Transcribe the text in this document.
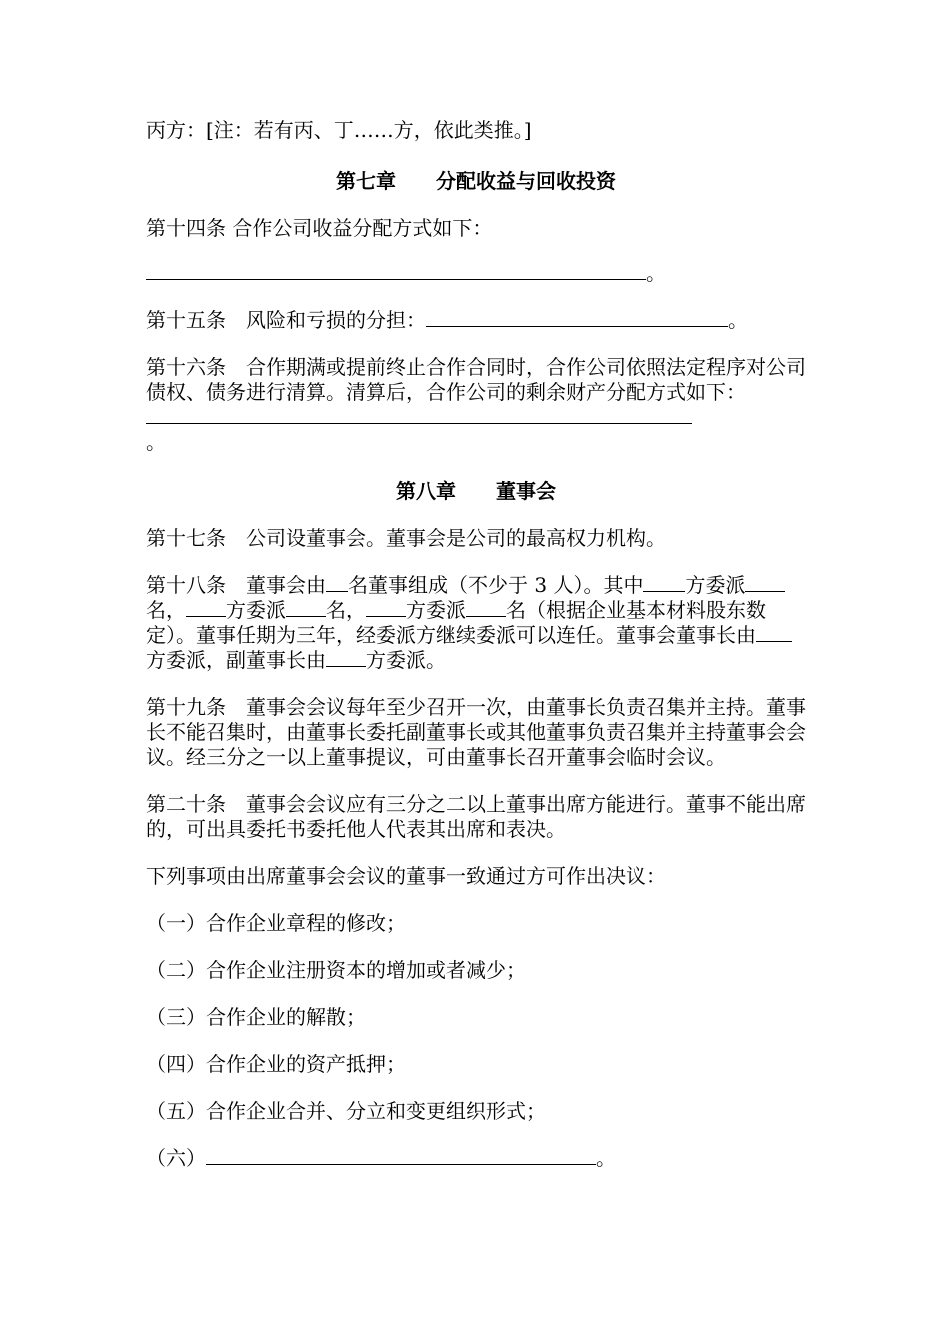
丙方：[注：若有丙、丁……方，依此类推。]

第七章　　分配收益与回收投资

第十四条 合作公司收益分配方式如下：

。

第十五条　风险和亏损的分担：	。

第十六条　合作期满或提前终止合作合同时，合作公司依照法定程序对公司债权、债务进行清算。清算后，合作公司的剩余财产分配方式如下：
。

第八章　　董事会

第十七条　公司设董事会。董事会是公司的最高权力机构。

第十八条　董事会由 名董事组成（不少于 3 人）。其中 方委派名， 方委派 名， 方委派 名（根据企业基本材料股东数定）。董事任期为三年，经委派方继续委派可以连任。董事会董事长由方委派，副董事长由 方委派。

第十九条　董事会会议每年至少召开一次，由董事长负责召集并主持。董事长不能召集时，由董事长委托副董事长或其他董事负责召集并主持董事会会议。经三分之一以上董事提议，可由董事长召开董事会临时会议。

第二十条　董事会会议应有三分之二以上董事出席方能进行。董事不能出席的，可出具委托书委托他人代表其出席和表决。

下列事项由出席董事会会议的董事一致通过方可作出决议：

（一）合作企业章程的修改；

（二）合作企业注册资本的增加或者减少；

（三）合作企业的解散；

（四）合作企业的资产抵押；

（五）合作企业合并、分立和变更组织形式；

（六）	。
